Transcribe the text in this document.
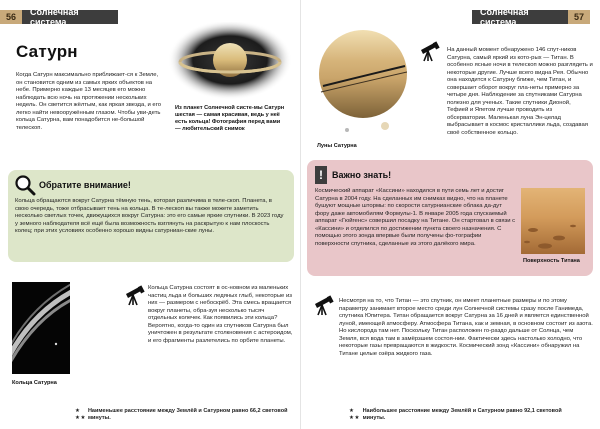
56	Солнечная система
Сатурн
Когда Сатурн максимально приближает-ся к Земле, он становится одним из самых ярких объектов на небе. Примерно каждые 13 месяцев его можно наблюдать всю ночь на протяжении нескольких недель. Он светится жёлтым, как яркая звезда, и его легко найти невооружённым глазом. Чтобы уви-деть кольца Сатурна, вам понадобится не-большой телескоп.
Из планет Солнечной систе-мы Сатурн шестая — самая красивая, ведь у неё есть кольца! Фотография перед вами — любительский снимок
Обратите внимание!
Кольца обращаются вокруг Сатурна тёмную тень, которая различима в теле-скоп. Планета, в свою очередь, тоже отбрасывает тень на кольца. В те-лескоп вы также можете заметить несколько светлых точек, движущихся вокруг Сатурна: это его самые яркие спутники. В 2023 году у земного наблюдателя всё ещё была возможность взглянуть на раскрытую к нам плоскость колец; при этих условиях особенно хорошо видны сатурниан-ские луны.
Кольца Сатурна
Кольца Сатурна состоят в ос-новном из маленьких частиц льда и больших ледяных глыб, некоторые из них — размером с небоскрёб. Эта смесь вращается вокруг планеты, обра-зуя несколько тысяч отдельных колечек. Как появились эти кольца? Вероятно, когда-то один из спутников Сатурна был уничтожен в результате столкновения с астероидом, и его фрагменты разлетелись по орбите планеты.
★
★ ★
Наименьшее расстояние между Землёй и Сатурном равно 66,2 световой минуты.
Солнечная система	57
Луны Сатурна
На данный момент обнаружено 146 спут-ников Сатурна, самый яркий из кото-рых — Титан. В особенно ясные ночи в телескоп можно разглядеть и некоторые другие. Лучше всего видна Рея. Обычно она находится к Сатурну ближе, чем Титан, и совершает оборот вокруг пла-неты примерно за четыре дня. Наблюдение за спутниками Сатурна полезно для ученых. Такие спутники Дионой, Тефией и Япетом лучше проводить из обсерватории. Маленькая луна Эн-целад выбрасывает в космос кристаллики льда, создавая своё собственное кольцо.
!	Важно знать!
Космический аппарат «Кассини» находился в пути семь лет и достиг Сатурна в 2004 году. На сделанных им снимках видно, что на планете бушуют мощные штормы: по скорости сатурнианские облака да-дут фору даже автомобилям Формулы-1. В январе 2005 года спускаемый аппарат «Гюйгенс» совершил посадку на Титане. Он стартовал в связи с «Кассини» и отделился по достижении пункта своего назначения. С помощью этого зонда впервые были получены фо-тографии поверхности спутника, сделанные из этого далёкого мира.
Поверхность Титана
Несмотря на то, что Титан — это спутник, он имеет планетные размеры и по этому параметру занимает второе место среди лун Солнечной системы сразу после Ганимеда, спутника Юпитера. Титан обращается вокруг Сатурна за 16 дней и является единственной луной, имеющей атмосферу. Атмосфера Титана, как и земная, в основном состоит из азота. Но кислорода там нет. Поскольку Титан расположен го-раздо дальше от Солнца, чем Земля, вся вода там в замёрзшем состоя-нии. Фактически здесь настолько холодно, что некоторые газы превращаются в жидкости. Космический зонд «Кассини» обнаружил на Титане целые озёра жидкого газа.
★
★ ★
Наибольшее расстояние между Землёй и Сатурном равно 92,1 световой минуты.
